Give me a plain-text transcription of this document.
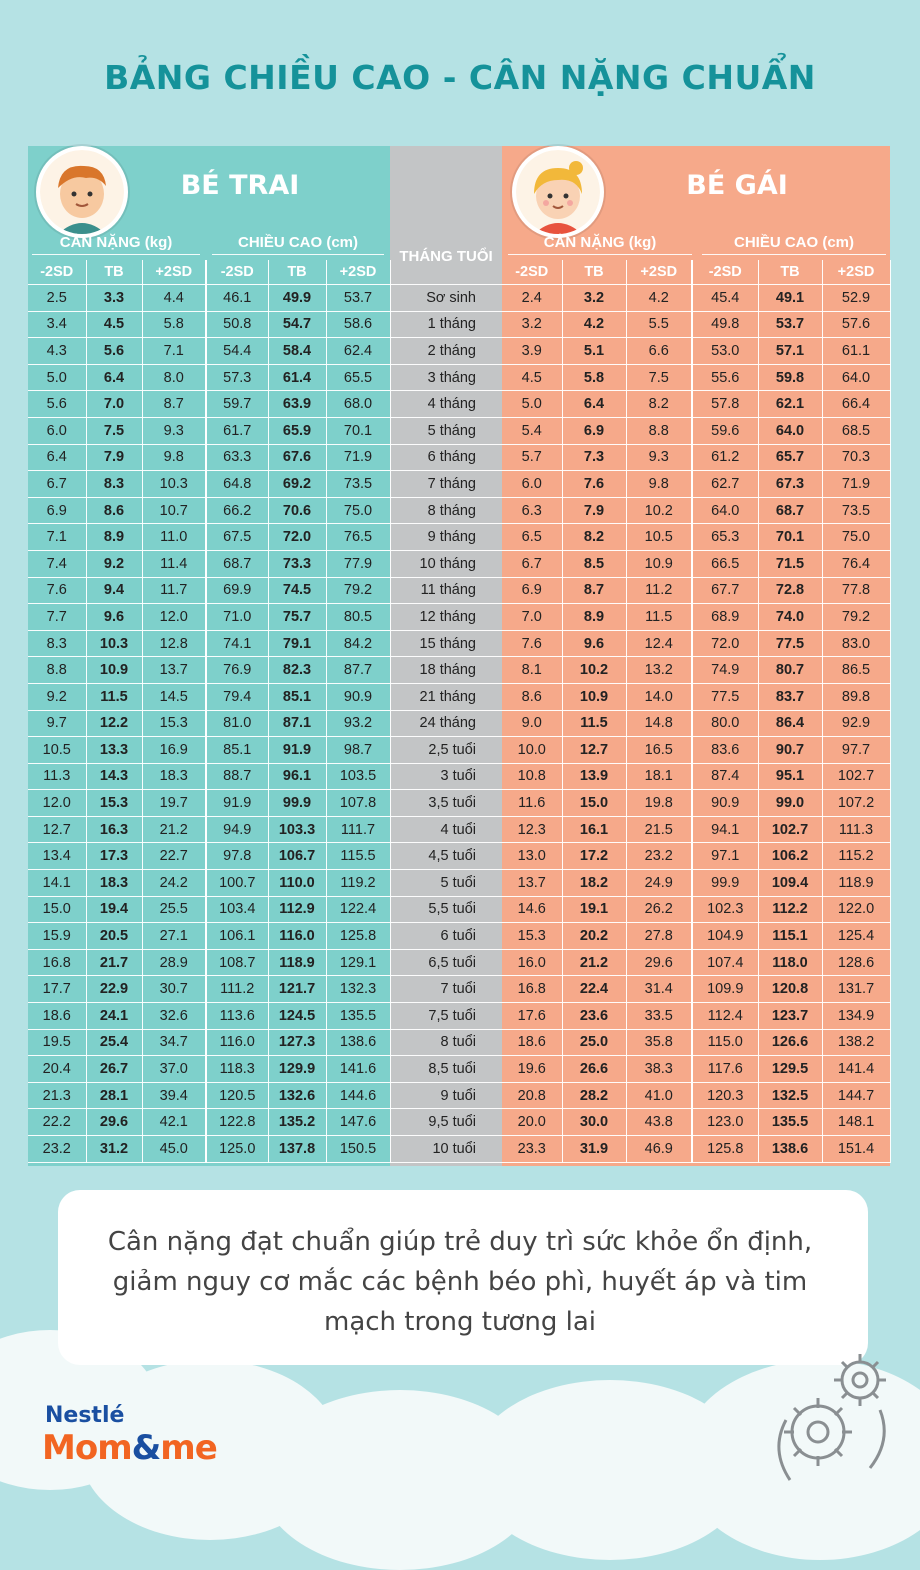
BẢNG CHIỀU CAO - CÂN NẶNG CHUẨN
BÉ TRAI	BÉ GÁI
CÂN NẶNG (kg)	CHIỀU CAO (cm)
THÁNG TUỔI
CÂN NẶNG (kg)	CHIỀU CAO (cm)
-2SD	TB	+2SD	-2SD	TB	+2SD		-2SD	TB	+2SD	-2SD	TB	+2SD
2.5	3.3	4.4	46.1	49.9	53.7	Sơ sinh	2.4	3.2	4.2	45.4	49.1	52.9
3.4	4.5	5.8	50.8	54.7	58.6	1 tháng	3.2	4.2	5.5	49.8	53.7	57.6
4.3	5.6	7.1	54.4	58.4	62.4	2 tháng	3.9	5.1	6.6	53.0	57.1	61.1
5.0	6.4	8.0	57.3	61.4	65.5	3 tháng	4.5	5.8	7.5	55.6	59.8	64.0
5.6	7.0	8.7	59.7	63.9	68.0	4 tháng	5.0	6.4	8.2	57.8	62.1	66.4
6.0	7.5	9.3	61.7	65.9	70.1	5 tháng	5.4	6.9	8.8	59.6	64.0	68.5
6.4	7.9	9.8	63.3	67.6	71.9	6 tháng	5.7	7.3	9.3	61.2	65.7	70.3
6.7	8.3	10.3	64.8	69.2	73.5	7 tháng	6.0	7.6	9.8	62.7	67.3	71.9
6.9	8.6	10.7	66.2	70.6	75.0	8 tháng	6.3	7.9	10.2	64.0	68.7	73.5
7.1	8.9	11.0	67.5	72.0	76.5	9 tháng	6.5	8.2	10.5	65.3	70.1	75.0
7.4	9.2	11.4	68.7	73.3	77.9	10 tháng	6.7	8.5	10.9	66.5	71.5	76.4
7.6	9.4	11.7	69.9	74.5	79.2	11 tháng	6.9	8.7	11.2	67.7	72.8	77.8
7.7	9.6	12.0	71.0	75.7	80.5	12 tháng	7.0	8.9	11.5	68.9	74.0	79.2
8.3	10.3	12.8	74.1	79.1	84.2	15 tháng	7.6	9.6	12.4	72.0	77.5	83.0
8.8	10.9	13.7	76.9	82.3	87.7	18 tháng	8.1	10.2	13.2	74.9	80.7	86.5
9.2	11.5	14.5	79.4	85.1	90.9	21 tháng	8.6	10.9	14.0	77.5	83.7	89.8
9.7	12.2	15.3	81.0	87.1	93.2	24 tháng	9.0	11.5	14.8	80.0	86.4	92.9
10.5	13.3	16.9	85.1	91.9	98.7	2,5 tuổi	10.0	12.7	16.5	83.6	90.7	97.7
11.3	14.3	18.3	88.7	96.1	103.5	3 tuổi	10.8	13.9	18.1	87.4	95.1	102.7
12.0	15.3	19.7	91.9	99.9	107.8	3,5 tuổi	11.6	15.0	19.8	90.9	99.0	107.2
12.7	16.3	21.2	94.9	103.3	111.7	4 tuổi	12.3	16.1	21.5	94.1	102.7	111.3
13.4	17.3	22.7	97.8	106.7	115.5	4,5 tuổi	13.0	17.2	23.2	97.1	106.2	115.2
14.1	18.3	24.2	100.7	110.0	119.2	5 tuổi	13.7	18.2	24.9	99.9	109.4	118.9
15.0	19.4	25.5	103.4	112.9	122.4	5,5 tuổi	14.6	19.1	26.2	102.3	112.2	122.0
15.9	20.5	27.1	106.1	116.0	125.8	6 tuổi	15.3	20.2	27.8	104.9	115.1	125.4
16.8	21.7	28.9	108.7	118.9	129.1	6,5 tuổi	16.0	21.2	29.6	107.4	118.0	128.6
17.7	22.9	30.7	111.2	121.7	132.3	7 tuổi	16.8	22.4	31.4	109.9	120.8	131.7
18.6	24.1	32.6	113.6	124.5	135.5	7,5 tuổi	17.6	23.6	33.5	112.4	123.7	134.9
19.5	25.4	34.7	116.0	127.3	138.6	8 tuổi	18.6	25.0	35.8	115.0	126.6	138.2
20.4	26.7	37.0	118.3	129.9	141.6	8,5 tuổi	19.6	26.6	38.3	117.6	129.5	141.4
21.3	28.1	39.4	120.5	132.6	144.6	9 tuổi	20.8	28.2	41.0	120.3	132.5	144.7
22.2	29.6	42.1	122.8	135.2	147.6	9,5 tuổi	20.0	30.0	43.8	123.0	135.5	148.1
23.2	31.2	45.0	125.0	137.8	150.5	10 tuổi	23.3	31.9	46.9	125.8	138.6	151.4
Cân nặng đạt chuẩn giúp trẻ duy trì sức khỏe ổn định, giảm nguy cơ mắc các bệnh béo phì, huyết áp và tim mạch trong tương lai
Nestlé
Mom&me
